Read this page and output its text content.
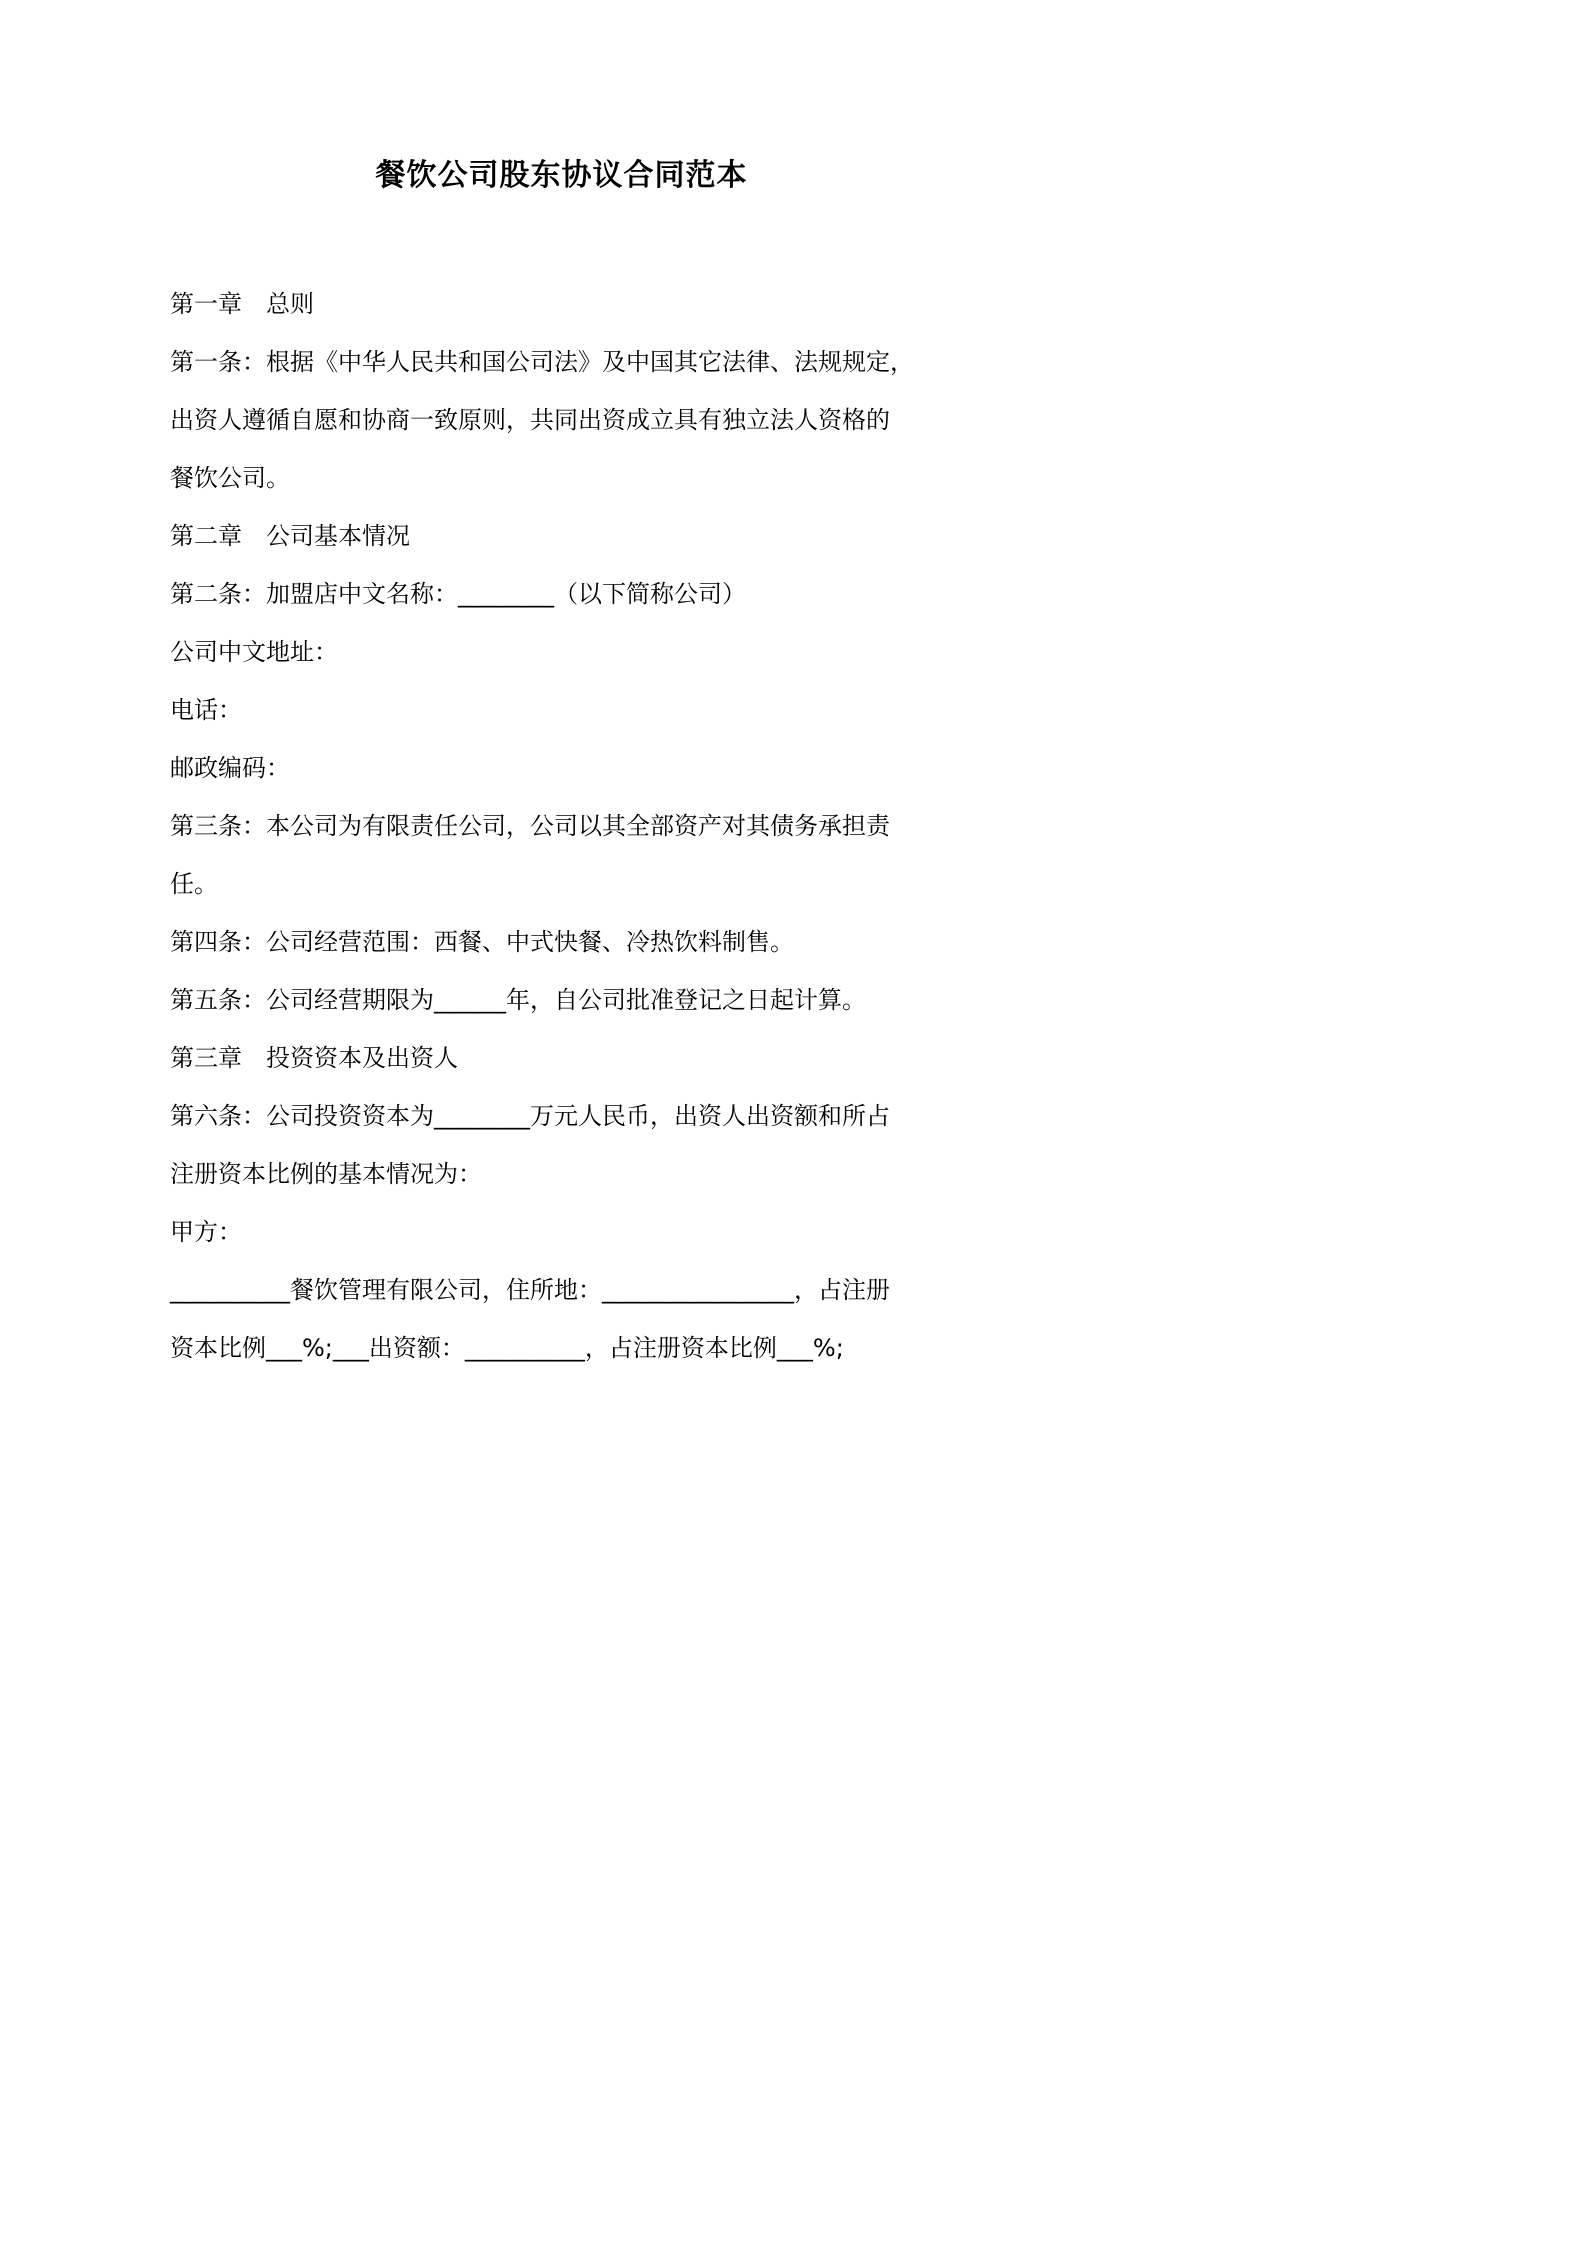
餐饮公司股东协议合同范本
第一章　总则
第一条：根据《中华人民共和国公司法》及中国其它法律、法规规定，
出资人遵循自愿和协商一致原则，共同出资成立具有独立法人资格的
餐饮公司。
第二章　公司基本情况
第二条：加盟店中文名称：________（以下简称公司）
公司中文地址：
电话：
邮政编码：
第三条：本公司为有限责任公司，公司以其全部资产对其债务承担责
任。
第四条：公司经营范围：西餐、中式快餐、冷热饮料制售。
第五条：公司经营期限为______年，自公司批准登记之日起计算。
第三章　投资资本及出资人
第六条：公司投资资本为________万元人民币，出资人出资额和所占
注册资本比例的基本情况为：
甲方：
__________餐饮管理有限公司，住所地：________________，占注册
资本比例___%;___出资额：__________，占注册资本比例___%;
